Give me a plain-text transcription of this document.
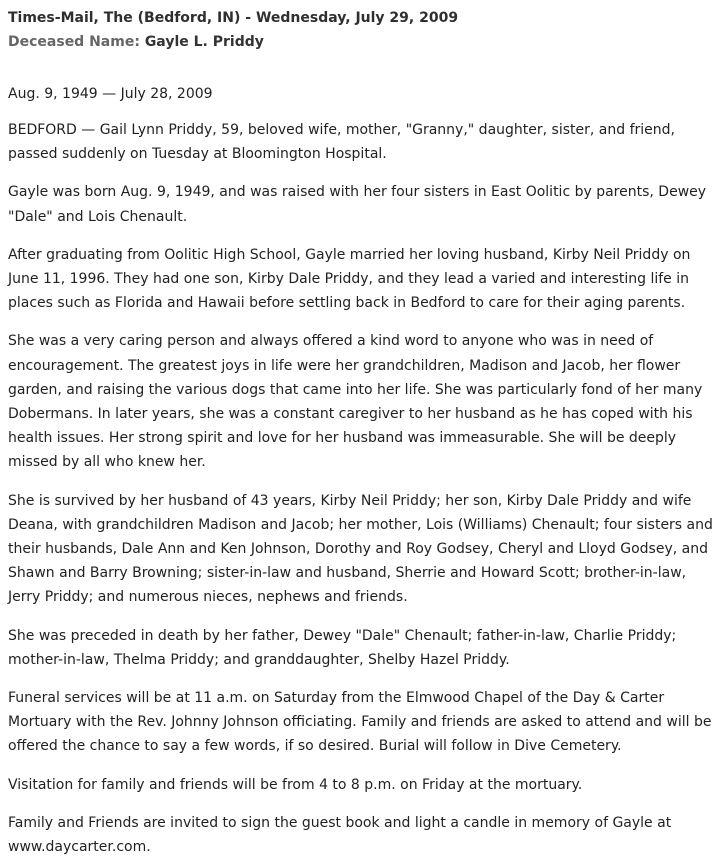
Times-Mail, The (Bedford, IN) - Wednesday, July 29, 2009
Deceased Name: Gayle L. Priddy

Aug. 9, 1949 — July 28, 2009

BEDFORD — Gail Lynn Priddy, 59, beloved wife, mother, "Granny," daughter, sister, and friend, passed suddenly on Tuesday at Bloomington Hospital.

Gayle was born Aug. 9, 1949, and was raised with her four sisters in East Oolitic by parents, Dewey "Dale" and Lois Chenault.

After graduating from Oolitic High School, Gayle married her loving husband, Kirby Neil Priddy on June 11, 1996. They had one son, Kirby Dale Priddy, and they lead a varied and interesting life in places such as Florida and Hawaii before settling back in Bedford to care for their aging parents.

She was a very caring person and always offered a kind word to anyone who was in need of encouragement. The greatest joys in life were her grandchildren, Madison and Jacob, her flower garden, and raising the various dogs that came into her life. She was particularly fond of her many Dobermans. In later years, she was a constant caregiver to her husband as he has coped with his health issues. Her strong spirit and love for her husband was immeasurable. She will be deeply missed by all who knew her.

She is survived by her husband of 43 years, Kirby Neil Priddy; her son, Kirby Dale Priddy and wife Deana, with grandchildren Madison and Jacob; her mother, Lois (Williams) Chenault; four sisters and their husbands, Dale Ann and Ken Johnson, Dorothy and Roy Godsey, Cheryl and Lloyd Godsey, and Shawn and Barry Browning; sister-in-law and husband, Sherrie and Howard Scott; brother-in-law, Jerry Priddy; and numerous nieces, nephews and friends.

She was preceded in death by her father, Dewey "Dale" Chenault; father-in-law, Charlie Priddy; mother-in-law, Thelma Priddy; and granddaughter, Shelby Hazel Priddy.

Funeral services will be at 11 a.m. on Saturday from the Elmwood Chapel of the Day & Carter Mortuary with the Rev. Johnny Johnson officiating. Family and friends are asked to attend and will be offered the chance to say a few words, if so desired. Burial will follow in Dive Cemetery.

Visitation for family and friends will be from 4 to 8 p.m. on Friday at the mortuary.

Family and Friends are invited to sign the guest book and light a candle in memory of Gayle at www.daycarter.com.
